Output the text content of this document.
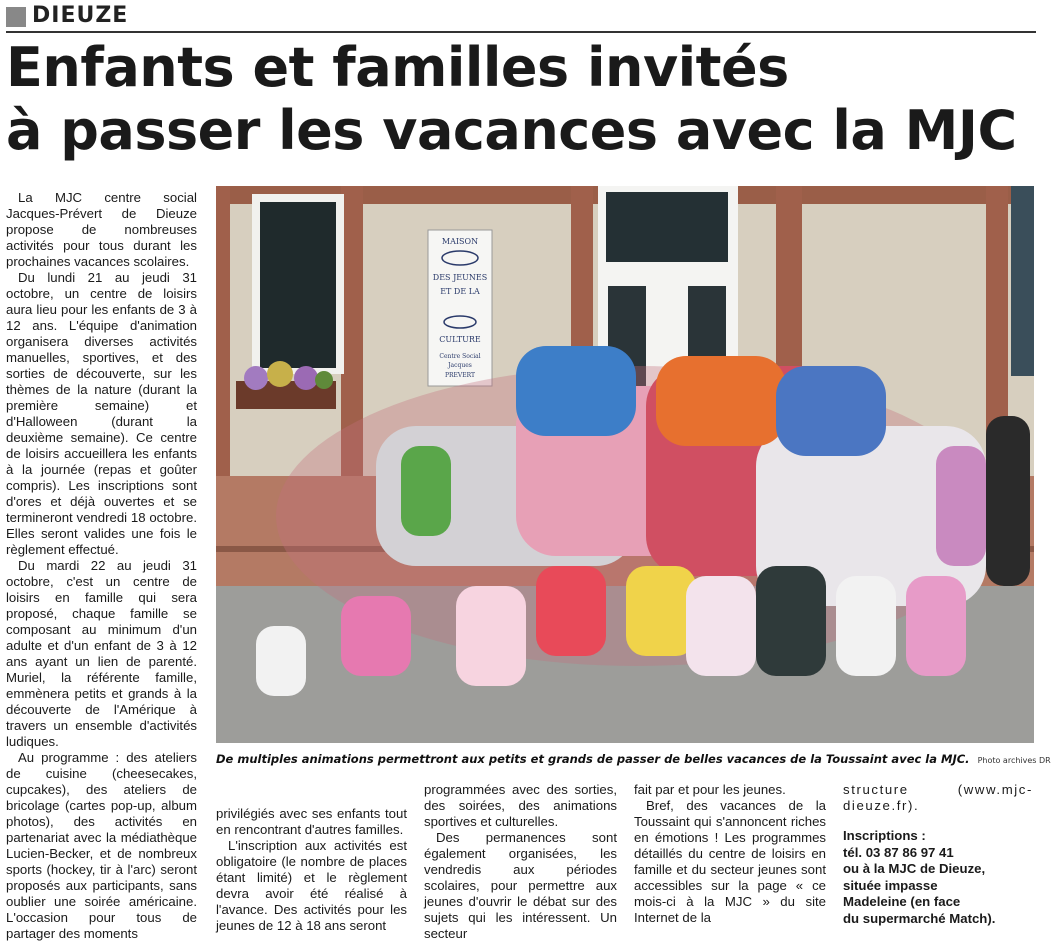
DIEUZE
Enfants et familles invités
à passer les vacances avec la MJC

La MJC centre social Jacques-Prévert de Dieuze propose de nombreuses activités pour tous durant les prochaines vacances scolaires.

Du lundi 21 au jeudi 31 octobre, un centre de loisirs aura lieu pour les enfants de 3 à 12 ans. L'équipe d'animation organisera diverses activités manuelles, sportives, et des sorties de découverte, sur les thèmes de la nature (durant la première semaine) et d'Halloween (durant la deuxième semaine). Ce centre de loisirs accueillera les enfants à la journée (repas et goûter compris). Les inscriptions sont d'ores et déjà ouvertes et se termineront vendredi 18 octobre. Elles seront valides une fois le règlement effectué.

Du mardi 22 au jeudi 31 octobre, c'est un centre de loisirs en famille qui sera proposé, chaque famille se composant au minimum d'un adulte et d'un enfant de 3 à 12 ans ayant un lien de parenté. Muriel, la référente famille, emmènera petits et grands à la découverte de l'Amérique à travers un ensemble d'activités ludiques.

Au programme : des ateliers de cuisine (cheesecakes, cupcakes), des ateliers de bricolage (cartes pop-up, album photos), des activités en partenariat avec la médiathèque Lucien-Becker, et de nombreux sports (hockey, tir à l'arc) seront proposés aux participants, sans oublier une soirée américaine. L'occasion pour tous de partager des moments

MAISON
DES JEUNES
ET DE LA
CULTURE
Centre Social
Jacques
PREVERT
De multiples animations permettront aux petits et grands de passer de belles vacances de la Toussaint avec la MJC. Photo archives DR

privilégiés avec ses enfants tout en rencontrant d'autres familles.

L'inscription aux activités est obligatoire (le nombre de places étant limité) et le règlement devra avoir été réalisé à l'avance. Des activités pour les jeunes de 12 à 18 ans seront

programmées avec des sorties, des soirées, des animations sportives et culturelles.

Des permanences sont également organisées, les vendredis aux périodes scolaires, pour permettre aux jeunes d'ouvrir le débat sur des sujets qui les intéressent. Un secteur

fait par et pour les jeunes.

Bref, des vacances de la Toussaint qui s'annoncent riches en émotions ! Les programmes détaillés du centre de loisirs en famille et du secteur jeunes sont accessibles sur la page « ce mois-ci à la MJC » du site Internet de la

structure (www.mjc-dieuze.fr).

Inscriptions :
tél. 03 87 86 97 41
ou à la MJC de Dieuze,
située impasse
Madeleine (en face
du supermarché Match).
